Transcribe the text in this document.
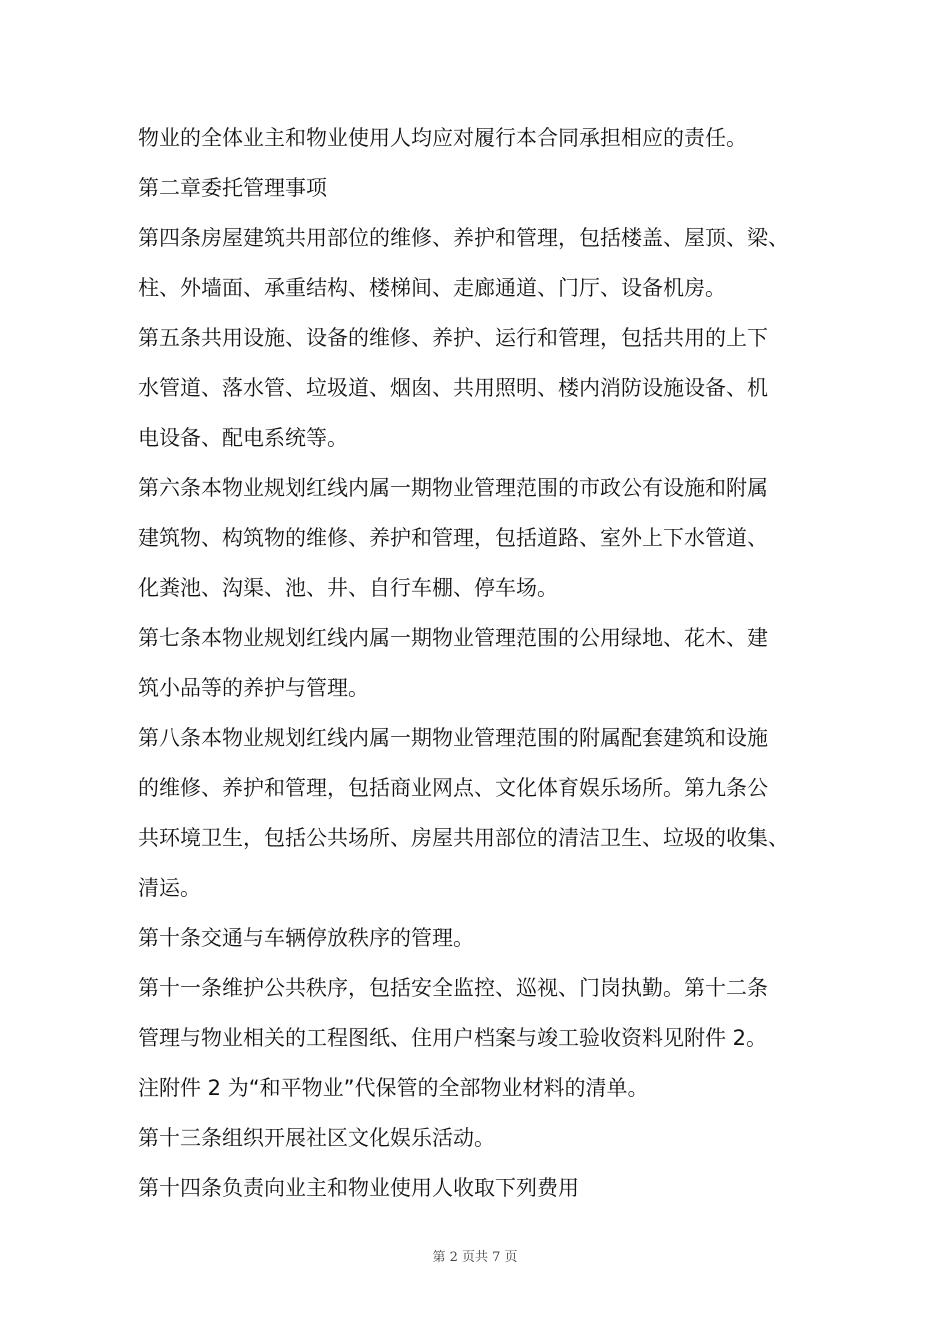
物业的全体业主和物业使用人均应对履行本合同承担相应的责任。

第二章委托管理事项

第四条房屋建筑共用部位的维修、养护和管理，包括楼盖、屋顶、梁、

柱、外墙面、承重结构、楼梯间、走廊通道、门厅、设备机房。

第五条共用设施、设备的维修、养护、运行和管理，包括共用的上下

水管道、落水管、垃圾道、烟囱、共用照明、楼内消防设施设备、机

电设备、配电系统等。

第六条本物业规划红线内属一期物业管理范围的市政公有设施和附属

建筑物、构筑物的维修、养护和管理，包括道路、室外上下水管道、

化粪池、沟渠、池、井、自行车棚、停车场。

第七条本物业规划红线内属一期物业管理范围的公用绿地、花木、建

筑小品等的养护与管理。

第八条本物业规划红线内属一期物业管理范围的附属配套建筑和设施

的维修、养护和管理，包括商业网点、文化体育娱乐场所。第九条公

共环境卫生，包括公共场所、房屋共用部位的清洁卫生、垃圾的收集、

清运。

第十条交通与车辆停放秩序的管理。

第十一条维护公共秩序，包括安全监控、巡视、门岗执勤。第十二条

管理与物业相关的工程图纸、住用户档案与竣工验收资料见附件 2。

注附件 2 为“和平物业”代保管的全部物业材料的清单。

第十三条组织开展社区文化娱乐活动。

第十四条负责向业主和物业使用人收取下列费用

第 2 页共 7 页
